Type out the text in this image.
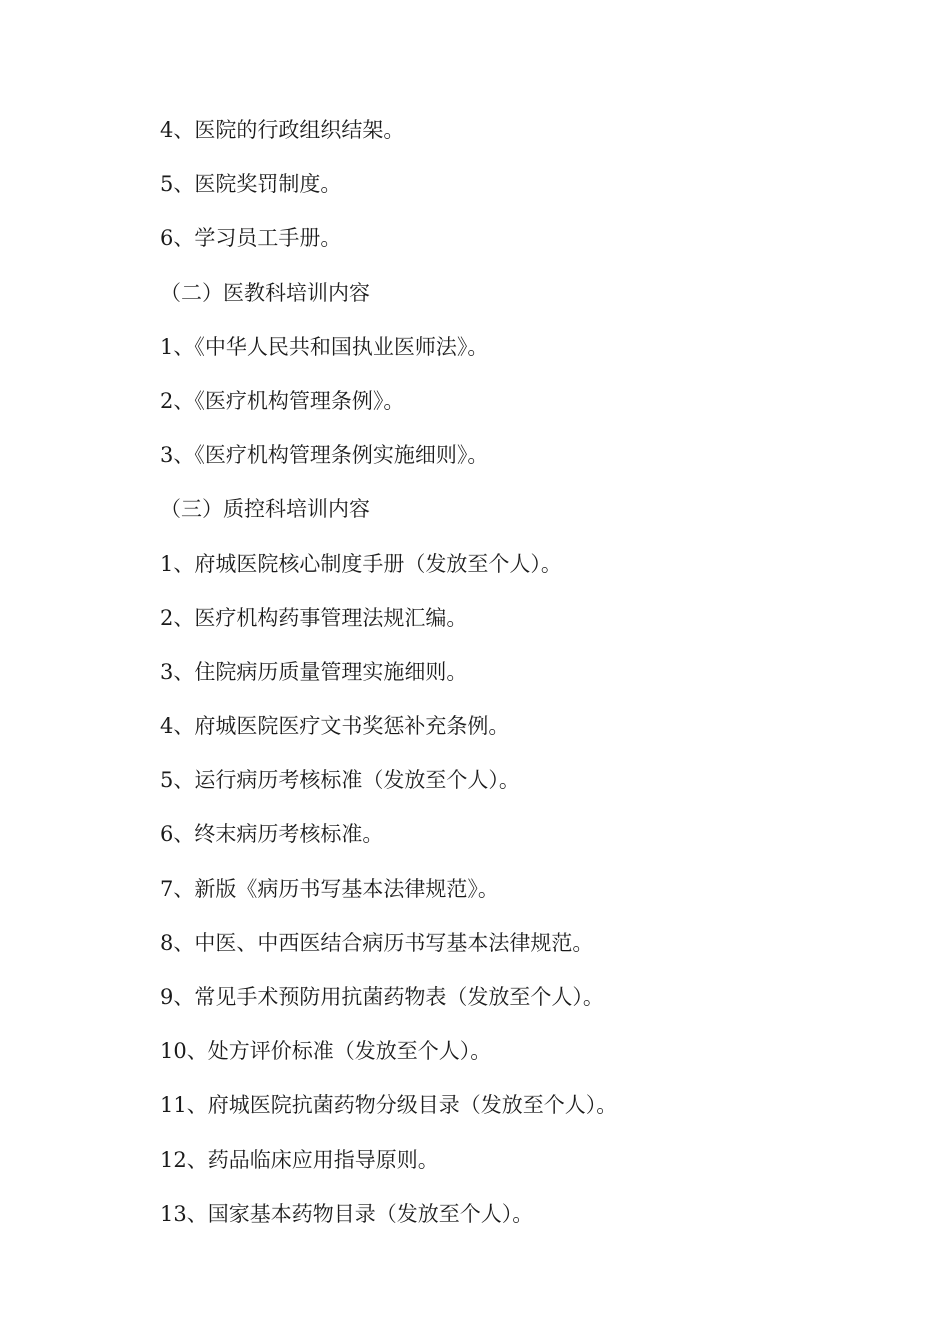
4、医院的行政组织结架。
5、医院奖罚制度。
6、学习员工手册。
（二）医教科培训内容
1、《中华人民共和国执业医师法》。
2、《医疗机构管理条例》。
3、《医疗机构管理条例实施细则》。
（三）质控科培训内容
1、府城医院核心制度手册（发放至个人）。
2、医疗机构药事管理法规汇编。
3、住院病历质量管理实施细则。
4、府城医院医疗文书奖惩补充条例。
5、运行病历考核标准（发放至个人）。
6、终末病历考核标准。
7、新版《病历书写基本法律规范》。
8、中医、中西医结合病历书写基本法律规范。
9、常见手术预防用抗菌药物表（发放至个人）。
10、处方评价标准（发放至个人）。
11、府城医院抗菌药物分级目录（发放至个人）。
12、药品临床应用指导原则。
13、国家基本药物目录（发放至个人）。
